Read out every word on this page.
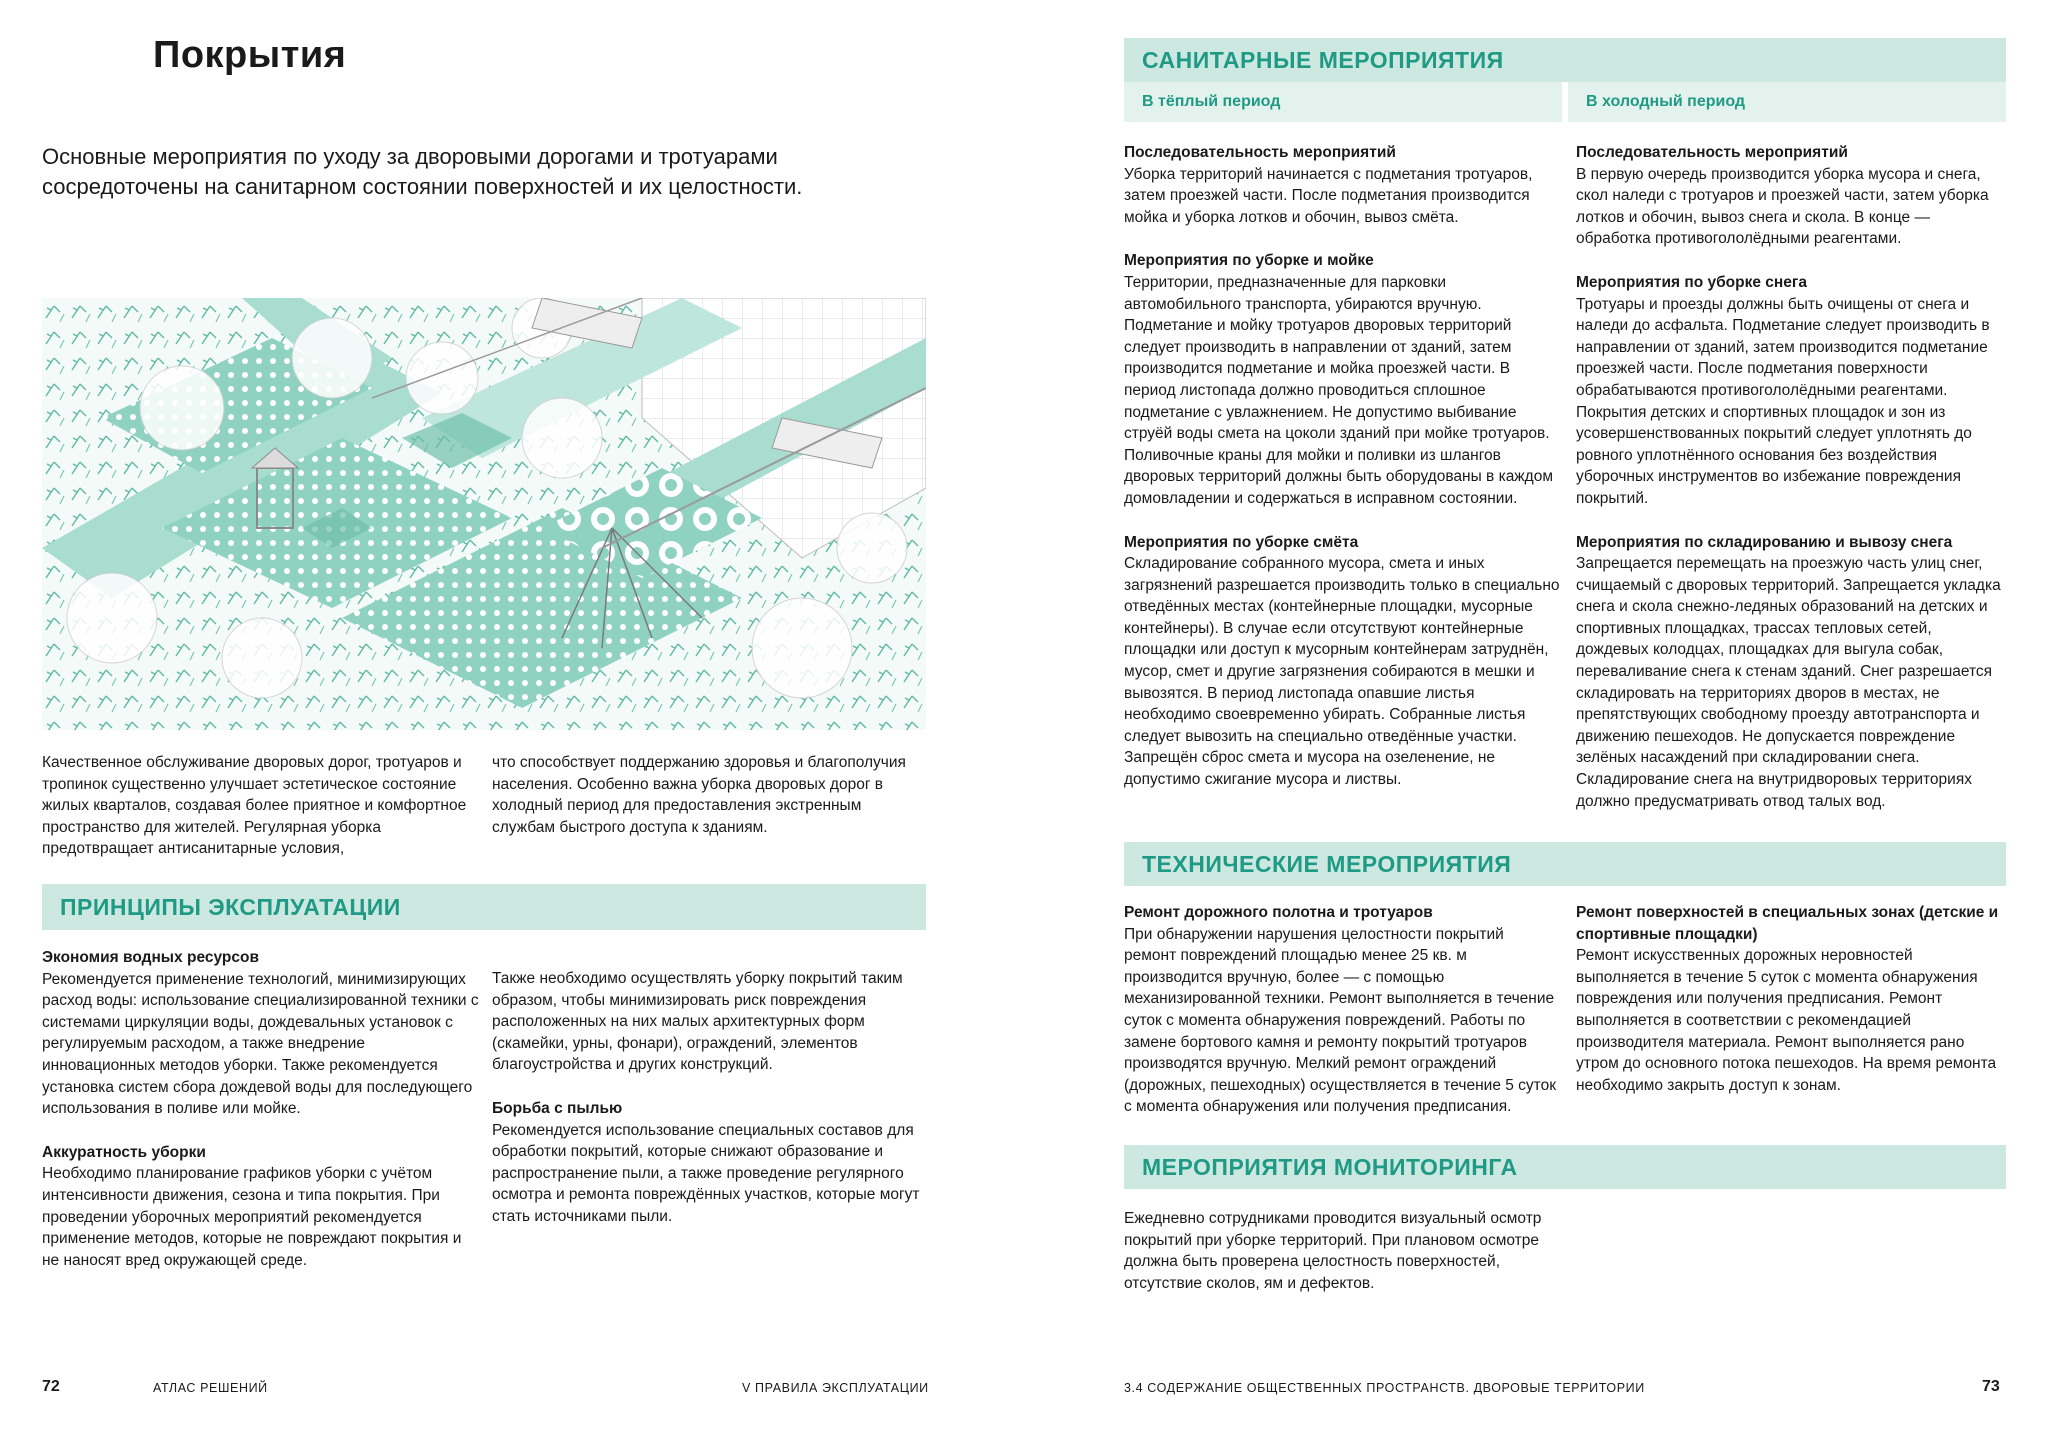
Покрытия

Основные мероприятия по уходу за дворовыми дорогами и тротуарами сосредоточены на санитарном состоянии поверхностей и их целостности.

Качественное обслуживание дворовых дорог, тротуаров и тропинок существенно улучшает эстетическое состояние жилых кварталов, создавая более приятное и комфортное пространство для жителей. Регулярная уборка предотвращает антисанитарные условия,

что способствует поддержанию здоровья и благополучия населения. Особенно важна уборка дворовых дорог в холодный период для предоставления экстренным службам быстрого доступа к зданиям.

ПРИНЦИПЫ ЭКСПЛУАТАЦИИ
Экономия водных ресурсов

Рекомендуется применение технологий, минимизирующих расход воды: использование специализированной техники с системами циркуляции воды, дождевальных установок с регулируемым расходом, а также внедрение инновационных методов уборки. Также рекомендуется установка систем сбора дождевой воды для последующего использования в поливе или мойке.

Аккуратность уборки

Необходимо планирование графиков уборки с учётом интенсивности движения, сезона и типа покрытия. При проведении уборочных мероприятий рекомендуется применение методов, которые не повреждают покрытия и не наносят вред окружающей среде.

Также необходимо осуществлять уборку покрытий таким образом, чтобы минимизировать риск повреждения расположенных на них малых архитектурных форм (скамейки, урны, фонари), ограждений, элементов благоустройства и других конструкций.

Борьба с пылью

Рекомендуется использование специальных составов для обработки покрытий, которые снижают образование и распространение пыли, а также проведение регулярного осмотра и ремонта повреждённых участков, которые могут стать источниками пыли.

72	АТЛАС РЕШЕНИЙ	V ПРАВИЛА ЭКСПЛУАТАЦИИ
САНИТАРНЫЕ МЕРОПРИЯТИЯ
В тёплый период	В холодный период
Последовательность мероприятий

Уборка территорий начинается с подметания тротуаров, затем проезжей части. После подметания производится мойка и уборка лотков и обочин, вывоз смёта.

Мероприятия по уборке и мойке

Территории, предназначенные для парковки автомобильного транспорта, убираются вручную. Подметание и мойку тротуаров дворовых территорий следует производить в направлении от зданий, затем производится подметание и мойка проезжей части. В период листопада должно проводиться сплошное подметание с увлажнением. Не допустимо выбивание струёй воды смета на цоколи зданий при мойке тротуаров. Поливочные краны для мойки и поливки из шлангов дворовых территорий должны быть оборудованы в каждом домовладении и содержаться в исправном состоянии.

Мероприятия по уборке смёта

Складирование собранного мусора, смета и иных загрязнений разрешается производить только в специально отведённых местах (контейнерные площадки, мусорные контейнеры). В случае если отсутствуют контейнерные площадки или доступ к мусорным контейнерам затруднён, мусор, смет и другие загрязнения собираются в мешки и вывозятся. В период листопада опавшие листья необходимо своевременно убирать. Собранные листья следует вывозить на специально отведённые участки. Запрещён сброс смета и мусора на озеленение, не допустимо сжигание мусора и листвы.

Последовательность мероприятий

В первую очередь производится уборка мусора и снега, скол наледи с тротуаров и проезжей части, затем уборка лотков и обочин, вывоз снега и скола. В конце — обработка противогололёдными реагентами.

Мероприятия по уборке снега

Тротуары и проезды должны быть очищены от снега и наледи до асфальта. Подметание следует производить в направлении от зданий, затем производится подметание проезжей части. После подметания поверхности обрабатываются противогололёдными реагентами. Покрытия детских и спортивных площадок и зон из усовершенствованных покрытий следует уплотнять до ровного уплотнённого основания без воздействия уборочных инструментов во избежание повреждения покрытий.

Мероприятия по складированию и вывозу снега

Запрещается перемещать на проезжую часть улиц снег, счищаемый с дворовых территорий. Запрещается укладка снега и скола снежно-ледяных образований на детских и спортивных площадках, трассах тепловых сетей, дождевых колодцах, площадках для выгула собак, переваливание снега к стенам зданий. Снег разрешается складировать на территориях дворов в местах, не препятствующих свободному проезду автотранспорта и движению пешеходов. Не допускается повреждение зелёных насаждений при складировании снега. Складирование снега на внутридворовых территориях должно предусматривать отвод талых вод.

ТЕХНИЧЕСКИЕ МЕРОПРИЯТИЯ
Ремонт дорожного полотна и тротуаров

При обнаружении нарушения целостности покрытий ремонт повреждений площадью менее 25 кв. м производится вручную, более — с помощью механизированной техники. Ремонт выполняется в течение суток с момента обнаружения повреждений. Работы по замене бортового камня и ремонту покрытий тротуаров производятся вручную. Мелкий ремонт ограждений (дорожных, пешеходных) осуществляется в течение 5 суток с момента обнаружения или получения предписания.

Ремонт поверхностей в специальных зонах (детские и спортивные площадки)

Ремонт искусственных дорожных неровностей выполняется в течение 5 суток с момента обнаружения повреждения или получения предписания. Ремонт выполняется в соответствии с рекомендацией производителя материала. Ремонт выполняется рано утром до основного потока пешеходов. На время ремонта необходимо закрыть доступ к зонам.

МЕРОПРИЯТИЯ МОНИТОРИНГА

Ежедневно сотрудниками проводится визуальный осмотр покрытий при уборке территорий. При плановом осмотре должна быть проверена целостность поверхностей, отсутствие сколов, ям и дефектов.

3.4 СОДЕРЖАНИЕ ОБЩЕСТВЕННЫХ ПРОСТРАНСТВ. ДВОРОВЫЕ ТЕРРИТОРИИ	73
